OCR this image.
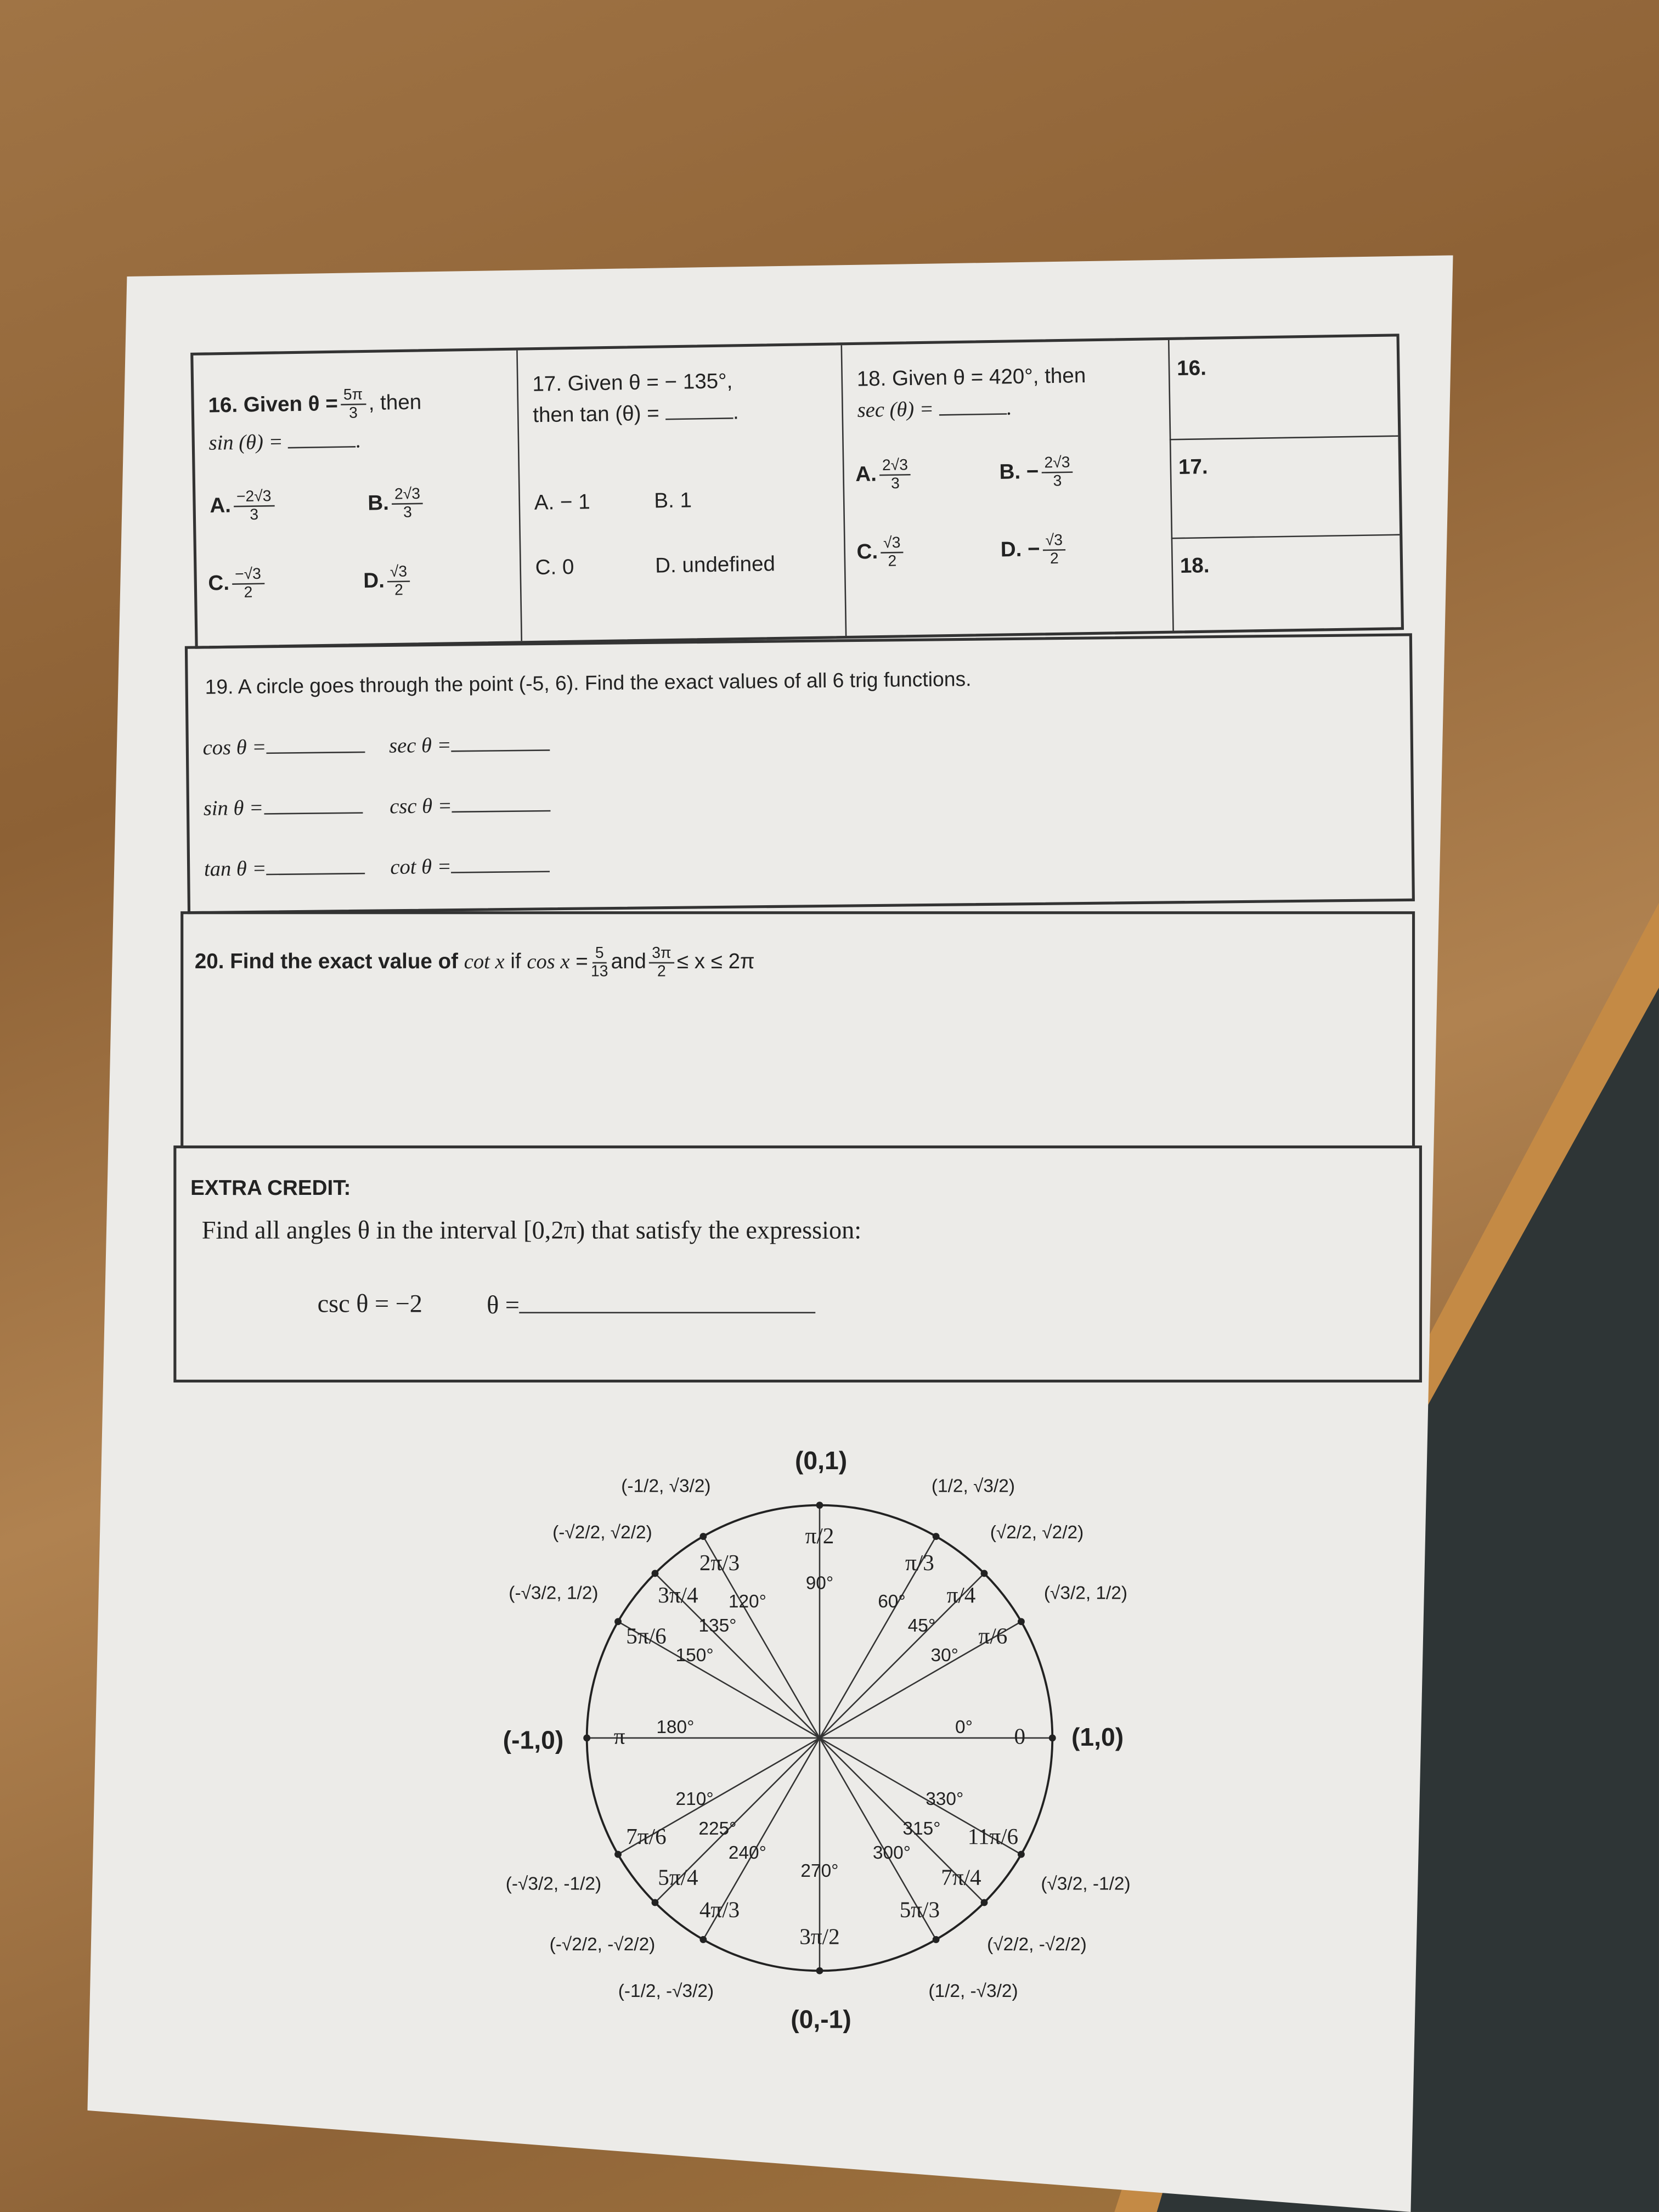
16. Given $\theta = \frac{5\pi}{3}$ , then
sin (θ) =	.
A. $\frac{-2√3}{3}$	B. $\frac{2√3}{3}$
C. $\frac{-√3}{2}$	D. $\frac{√3}{2}$
17. Given θ = − 135°,
then tan (θ) =	.
A. − 1	B. 1
C. 0	D. undefined
18. Given θ = 420°, then
sec (θ) =	.
A. $\frac{2√3}{3}$	B. − $\frac{2√3}{3}$
C. $\frac{√3}{2}$	D. − $\frac{√3}{2}$
16.
17.
18.
19. A circle goes through the point (-5, 6). Find the exact values of all 6 trig functions.
cos θ =	sec θ =
sin θ =	csc θ =
tan θ =	cot θ =
20. Find the exact value of cot x if $\cos x = \frac{5}{13}$ and $\frac{3\pi}{2} \le x \le 2\pi$
EXTRA CREDIT:
Find all angles θ in the interval [0,2π) that satisfy the expression:
csc θ = −2	θ =
0°	0
30°
π/6
(√3/2, 1/2)
45°
π/4
(√2/2, √2/2)
60°
π/3
(1/2, √3/2)
90°
π/2
120°
2π/3
(-1/2, √3/2)
135°
3π/4
(-√2/2, √2/2)
150°
5π/6
(-√3/2, 1/2)
180°
π
210°
7π/6
(-√3/2, -1/2)
225°
5π/4
(-√2/2, -√2/2)
240°
4π/3
(-1/2, -√3/2)
270°
3π/2
300°
5π/3
(1/2, -√3/2)
315°
7π/4
(√2/2, -√2/2)
330°
11π/6
(√3/2, -1/2)
(0,1)
(0,-1)
(-1,0)	(1,0)
